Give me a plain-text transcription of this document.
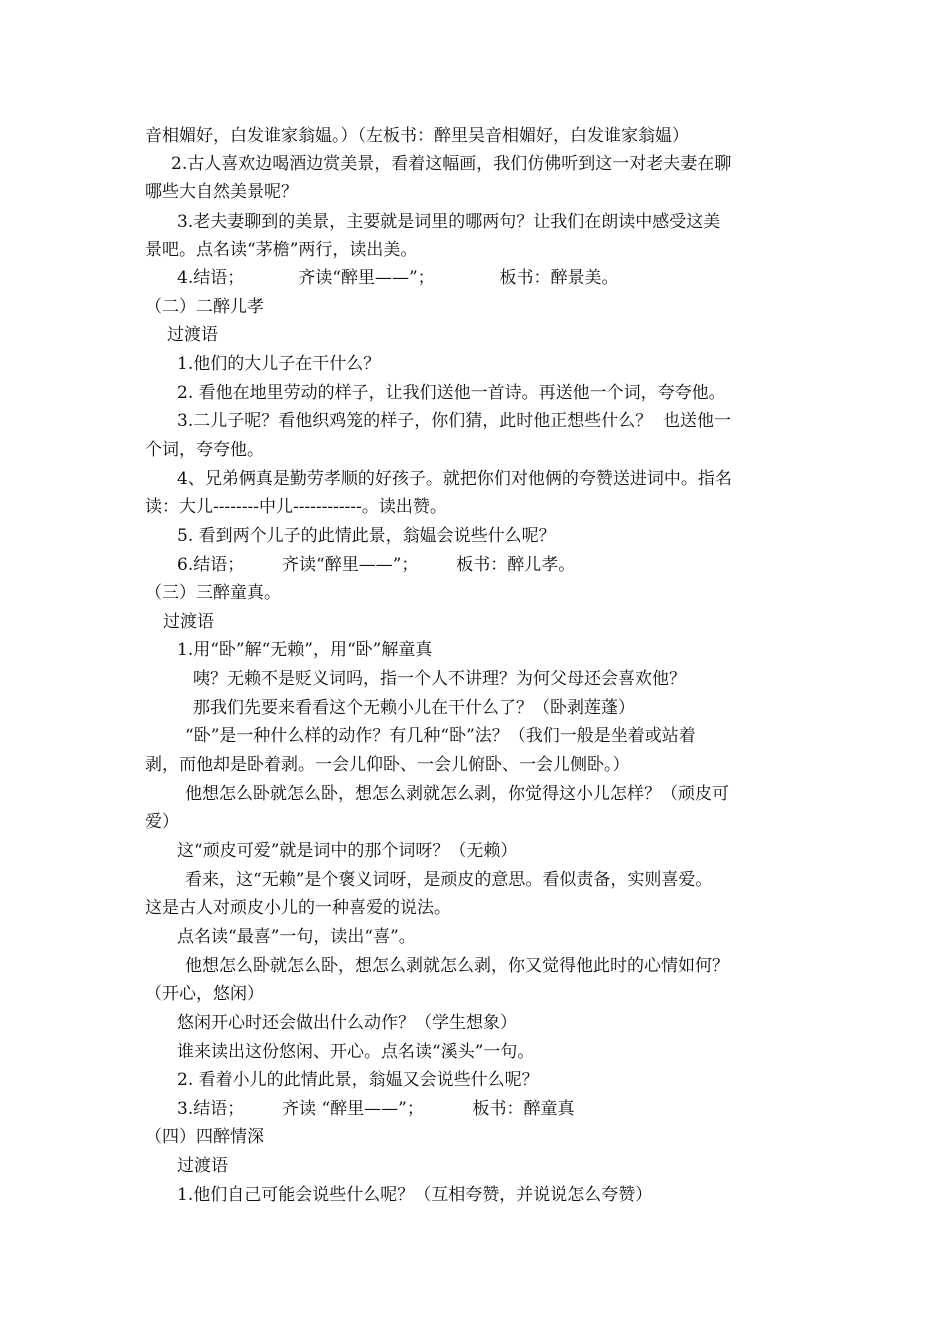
音相媚好，白发谁家翁媪。）（左板书：醉里吴音相媚好，白发谁家翁媪）
2.古人喜欢边喝酒边赏美景，看着这幅画，我们仿佛听到这一对老夫妻在聊
哪些大自然美景呢？
3.老夫妻聊到的美景，主要就是词里的哪两句？让我们在朗读中感受这美
景吧。点名读“茅檐”两行，读出美。
4.结语；          齐读“醉里——”；            板书：醉景美。
（二）二醉儿孝
过渡语
1.他们的大儿子在干什么？
2. 看他在地里劳动的样子，让我们送他一首诗。再送他一个词，夸夸他。
3.二儿子呢？看他织鸡笼的样子，你们猜，此时他正想些什么？  也送他一
个词，夸夸他。
4、兄弟俩真是勤劳孝顺的好孩子。就把你们对他俩的夸赞送进词中。指名
读：大儿--------中儿------------。读出赞。
5. 看到两个儿子的此情此景，翁媪会说些什么呢？
6.结语；       齐读“醉里——”；       板书：醉儿孝。
（三）三醉童真。
过渡语
1.用“卧”解“无赖”，用“卧”解童真
咦？无赖不是贬义词吗，指一个人不讲理？为何父母还会喜欢他？
那我们先要来看看这个无赖小儿在干什么了？（卧剥莲蓬）
“卧”是一种什么样的动作？有几种“卧”法？（我们一般是坐着或站着
剥，而他却是卧着剥。一会儿仰卧、一会儿俯卧、一会儿侧卧。）
他想怎么卧就怎么卧，想怎么剥就怎么剥，你觉得这小儿怎样？（顽皮可
爱）
这“顽皮可爱”就是词中的那个词呀？（无赖）
看来，这“无赖”是个褒义词呀，是顽皮的意思。看似责备，实则喜爱。
这是古人对顽皮小儿的一种喜爱的说法。
点名读“最喜”一句，读出“喜”。
他想怎么卧就怎么卧，想怎么剥就怎么剥，你又觉得他此时的心情如何？
（开心，悠闲）
悠闲开心时还会做出什么动作？（学生想象）
谁来读出这份悠闲、开心。点名读“溪头”一句。
2. 看着小儿的此情此景，翁媪又会说些什么呢？
3.结语；       齐读 “醉里——”；         板书：醉童真
（四）四醉情深
过渡语
1.他们自己可能会说些什么呢？（互相夸赞，并说说怎么夸赞）
